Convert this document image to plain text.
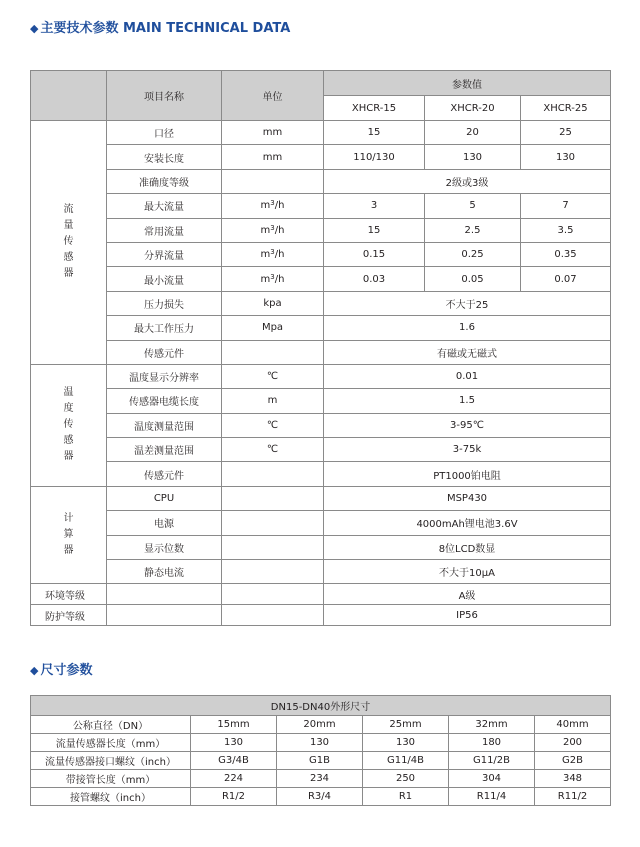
◆ 主要技术参数 MAIN TECHNICAL DATA
	项目名称	单位	参数值		
			XHCR-15	XHCR-20	XHCR-25

流
量
传
感
器	口径	mm	15	20	25
	安装长度	mm	110/130	130	130
	准确度等级		2级或3级		
	最大流量	$m^3/h$	3	5	7
	常用流量	$m^3/h$	15	2.5	3.5
	分界流量	$m^3/h$	0.15	0.25	0.35
	最小流量	$m^3/h$	0.03	0.05	0.07
	压力损失	kpa	不大于25		
	最大工作压力	Mpa	1.6		
	传感元件		有磁或无磁式		

温
度
传
感
器	温度显示分辨率	℃	0.01		
	传感器电缆长度	m	1.5		
	温度测量范围	℃	3-95℃		
	温差测量范围	℃	3-75k		
	传感元件		PT1000铂电阻		

计
算
器	CPU		MSP430		
	电源		4000mAh锂电池3.6V		
	显示位数		8位LCD数显		
	静态电流		不大于10μA		
环境等级			A级		
防护等级			IP56		
◆ 尺寸参数
DN15-DN40外形尺寸					
公称直径（DN）	15mm	20mm	25mm	32mm	40mm
流量传感器长度（mm）	130	130	130	180	200
流量传感器接口螺纹（inch）	G3/4B	G1B	G11/4B	G11/2B	G2B
带接管长度（mm）	224	234	250	304	348
接管螺纹（inch）	R1/2	R3/4	R1	R11/4	R11/2
